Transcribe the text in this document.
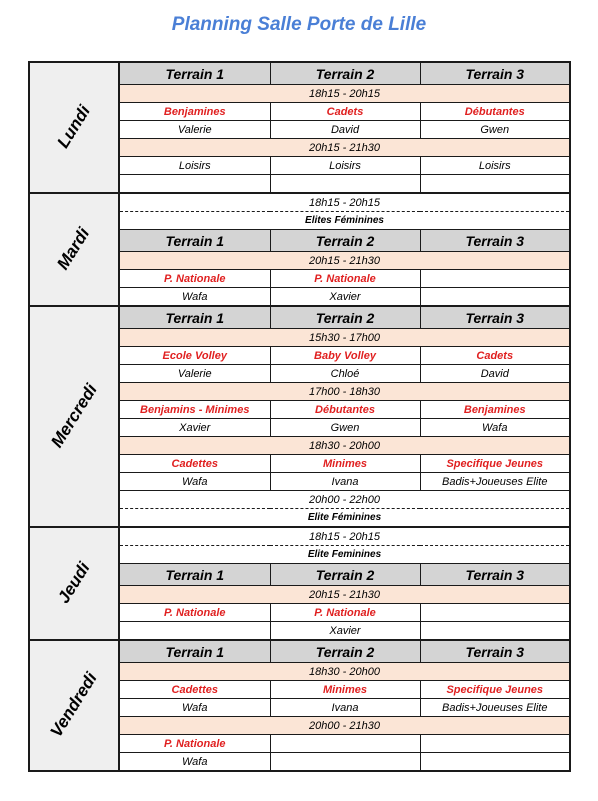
Planning Salle Porte de Lille
Lundi	Terrain 1	Terrain 2	Terrain 3
	18h15 - 20h15		
	Benjamines	Cadets	Débutantes
	Valerie	David	Gwen
	20h15 - 21h30		
	Loisirs	Loisirs	Loisirs

Mardi	18h15 - 20h15		
	Elites Féminines		
	Terrain 1	Terrain 2	Terrain 3
	20h15 - 21h30		
	P. Nationale	P. Nationale	
	Wafa	Xavier	
Mercredi	Terrain 1	Terrain 2	Terrain 3
	15h30 - 17h00		
	Ecole Volley	Baby Volley	Cadets
	Valerie	Chloé	David
	17h00 - 18h30		
	Benjamins - Minimes	Débutantes	Benjamines
	Xavier	Gwen	Wafa
	18h30 - 20h00		
	Cadettes	Minimes	Specifique Jeunes
	Wafa	Ivana	Badis+Joueuses Elite
	20h00 - 22h00		
	Elite Féminines		
Jeudi	18h15 - 20h15		
	Elite Feminines		
	Terrain 1	Terrain 2	Terrain 3
	20h15 - 21h30		
	P. Nationale	P. Nationale	
		Xavier	
Vendredi	Terrain 1	Terrain 2	Terrain 3
	18h30 - 20h00		
	Cadettes	Minimes	Specifique Jeunes
	Wafa	Ivana	Badis+Joueuses Elite
	20h00 - 21h30		
	P. Nationale		
	Wafa		
